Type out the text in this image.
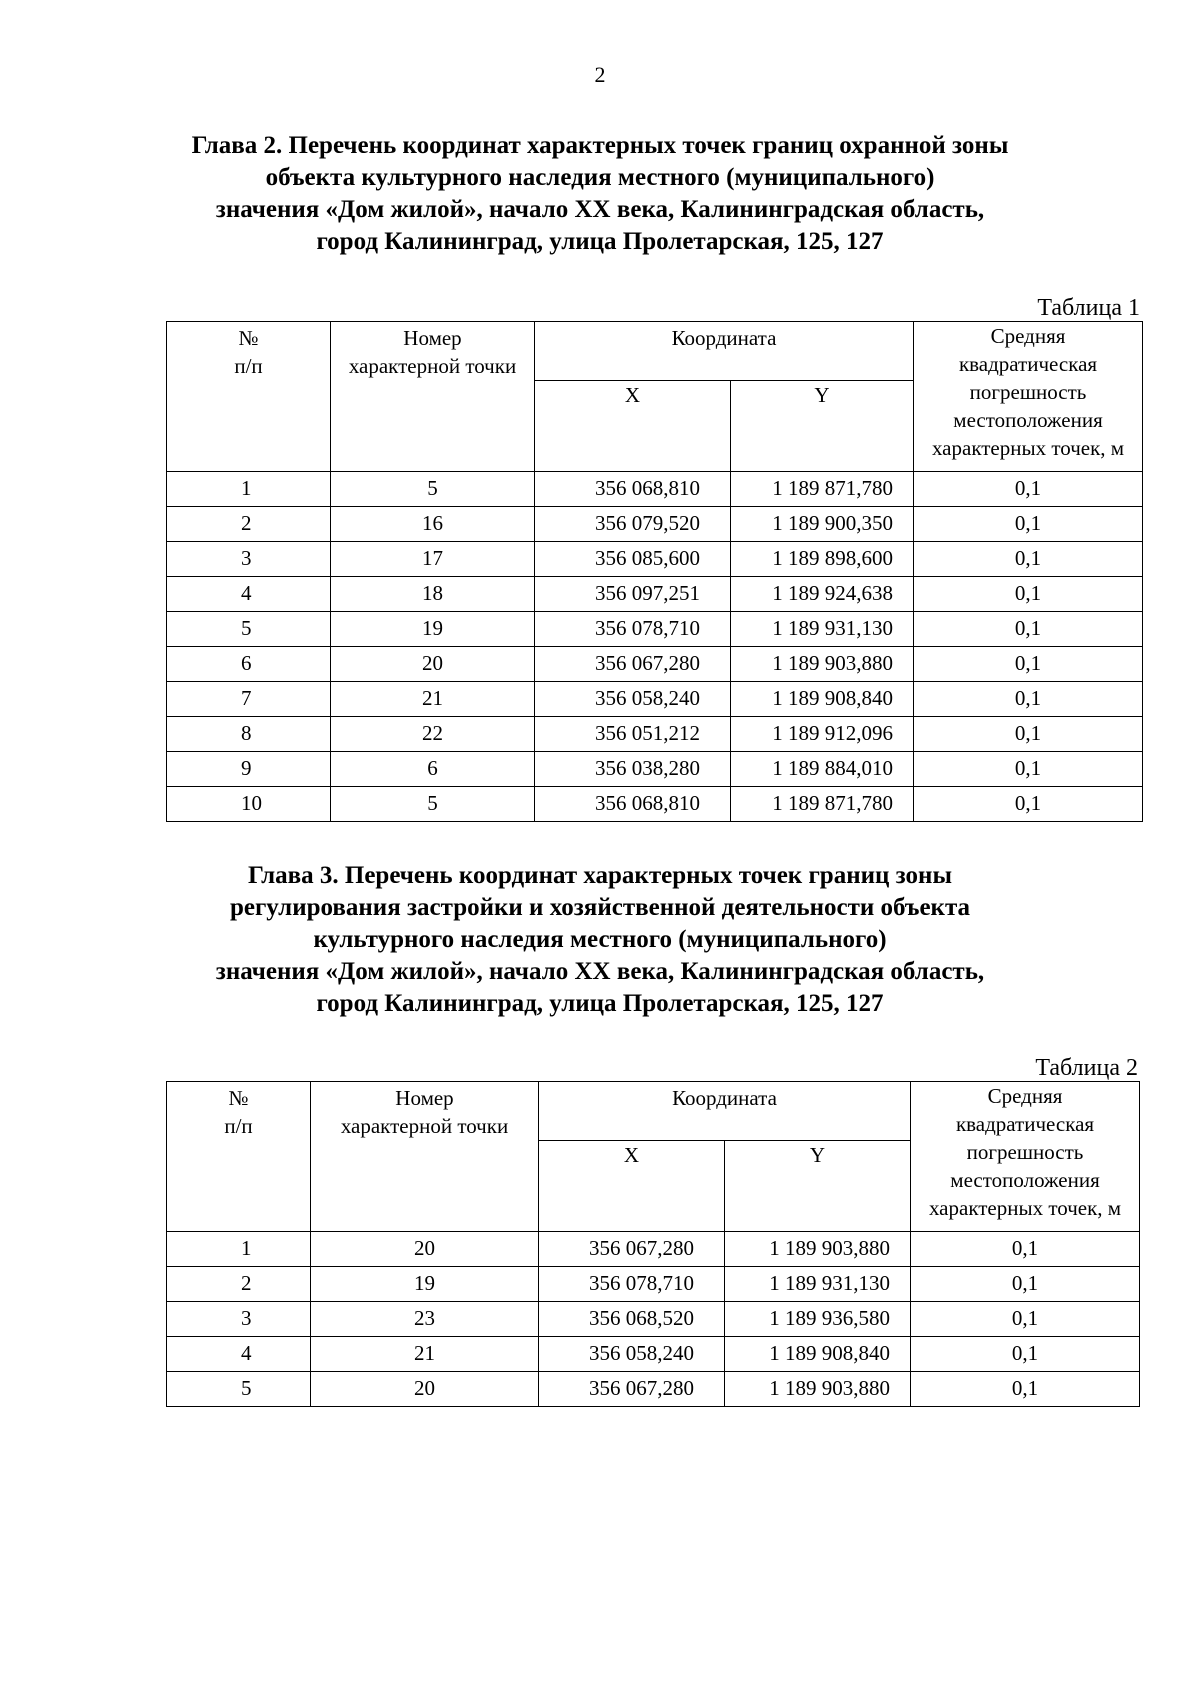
2
Глава 2. Перечень координат характерных точек границ охранной зоны
объекта культурного наследия местного (муниципального)
значения «Дом жилой», начало XX века, Калининградская область,
город Калининград, улица Пролетарская, 125, 127
Таблица 1
№
п/п	Номер
характерной точки	Координата		Средняя
квадратическая
погрешность
местоположения
характерных точек, м

		X	Y	
1	5	356 068,810	1 189 871,780	0,1
2	16	356 079,520	1 189 900,350	0,1
3	17	356 085,600	1 189 898,600	0,1
4	18	356 097,251	1 189 924,638	0,1
5	19	356 078,710	1 189 931,130	0,1
6	20	356 067,280	1 189 903,880	0,1
7	21	356 058,240	1 189 908,840	0,1
8	22	356 051,212	1 189 912,096	0,1
9	6	356 038,280	1 189 884,010	0,1
10	5	356 068,810	1 189 871,780	0,1
Глава 3. Перечень координат характерных точек границ зоны
регулирования застройки и хозяйственной деятельности объекта
культурного наследия местного (муниципального)
значения «Дом жилой», начало XX века, Калининградская область,
город Калининград, улица Пролетарская, 125, 127
Таблица 2
№
п/п	Номер
характерной точки	Координата		Средняя
квадратическая
погрешность
местоположения
характерных точек, м

		X	Y	
1	20	356 067,280	1 189 903,880	0,1
2	19	356 078,710	1 189 931,130	0,1
3	23	356 068,520	1 189 936,580	0,1
4	21	356 058,240	1 189 908,840	0,1
5	20	356 067,280	1 189 903,880	0,1
